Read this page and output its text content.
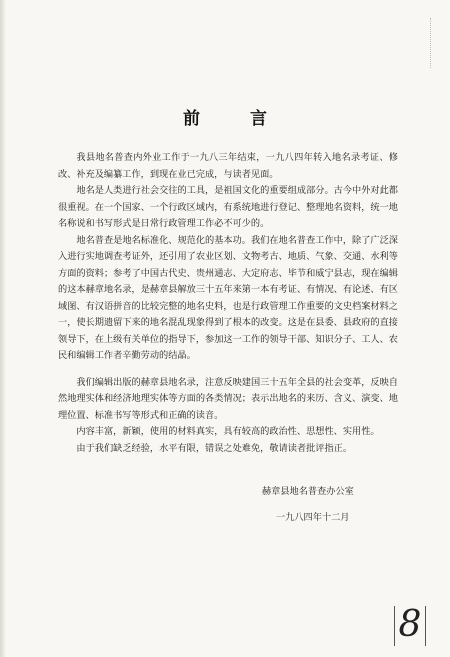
前 言

我县地名普查内外业工作于一九八三年结束，一九八四年转入地名录考证、修改、补充及编纂工作，到现在业已完成，与读者见面。

地名是人类进行社会交往的工具，是祖国文化的重要组成部分。古今中外对此都很重视。在一个国家、一个行政区域内，有系统地进行登记、整理地名资料，统一地名称说和书写形式是日常行政管理工作必不可少的。

地名普查是地名标准化、规范化的基本功。我们在地名普查工作中，除了广泛深入进行实地调查考证外，还引用了农业区划、文物考古、地质、气象、交通、水利等方面的资料；参考了中国古代史、贵州通志、大定府志、毕节和威宁县志，现在编辑的这本赫章地名录，是赫章县解放三十五年来第一本有考证、有情况、有论述、有区域图、有汉语拼音的比较完整的地名史料，也是行政管理工作重要的文史档案材料之一，使长期遗留下来的地名混乱现象得到了根本的改变。这是在县委、县政府的直接领导下，在上级有关单位的指导下，参加这一工作的领导干部、知识分子、工人、农民和编辑工作者辛勤劳动的结晶。

我们编辑出版的赫章县地名录，注意反映建国三十五年全县的社会变革，反映自然地理实体和经济地理实体等方面的各类情况；表示出地名的来历、含义、演变、地理位置、标准书写等形式和正确的读音。

内容丰富，新颖，使用的材料真实，具有较高的政治性、思想性、实用性。

由于我们缺乏经验，水平有限，错误之处难免，敬请读者批评指正。

赫章县地名普查办公室

一九八四年十二月

8
